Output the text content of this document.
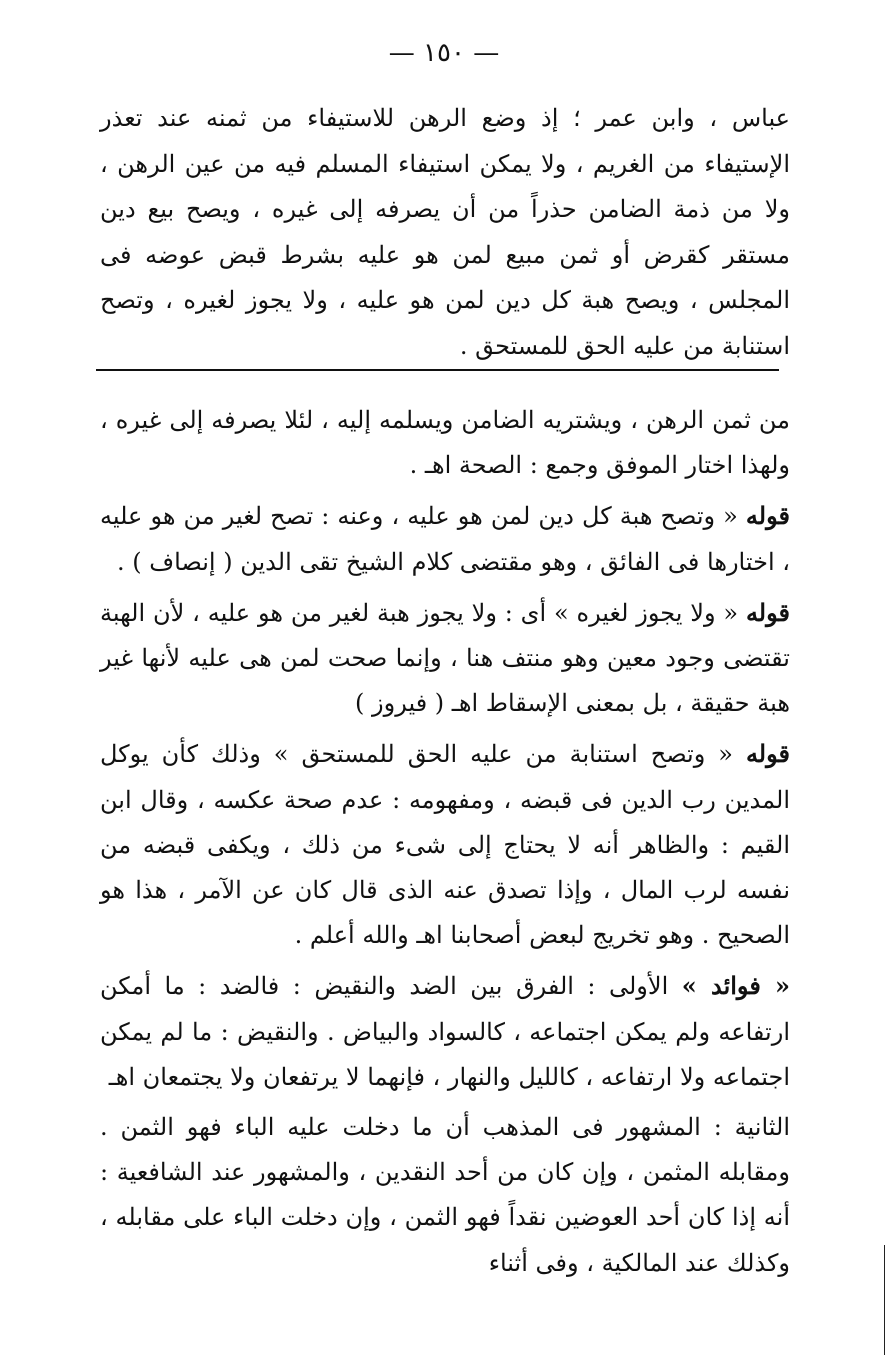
— ١٥٠ —
عباس ، وابن عمر ؛ إذ وضع الرهن للاستيفاء من ثمنه عند تعذر الإستيفاء من الغريم ، ولا يمكن استيفاء المسلم فيه من عين الرهن ، ولا من ذمة الضامن حذراً من أن يصرفه إلى غيره ، ويصح بيع دين مستقر كقرض أو ثمن مبيع لمن هو عليه بشرط قبض عوضه فى المجلس ، ويصح هبة كل دين لمن هو عليه ، ولا يجوز لغيره ، وتصح استنابة من عليه الحق للمستحق .

من ثمن الرهن ، ويشتريه الضامن ويسلمه إليه ، لئلا يصرفه إلى غيره ، ولهذا اختار الموفق وجمع : الصحة اهـ .

قوله « وتصح هبة كل دين لمن هو عليه ، وعنه : تصح لغير من هو عليه ، اختارها فى الفائق ، وهو مقتضى كلام الشيخ تقى الدين ( إنصاف ) .

قوله « ولا يجوز لغيره » أى : ولا يجوز هبة لغير من هو عليه ، لأن الهبة تقتضى وجود معين وهو منتف هنا ، وإنما صحت لمن هى عليه لأنها غير هبة حقيقة ، بل بمعنى الإسقاط اهـ ( فيروز )

قوله « وتصح استنابة من عليه الحق للمستحق » وذلك كأن يوكل المدين رب الدين فى قبضه ، ومفهومه : عدم صحة عكسه ، وقال ابن القيم : والظاهر أنه لا يحتاج إلى شىء من ذلك ، ويكفى قبضه من نفسه لرب المال ، وإذا تصدق عنه الذى قال كان عن الآمر ، هذا هو الصحيح . وهو تخريج لبعض أصحابنا اهـ والله أعلم .

« فوائد » الأولى : الفرق بين الضد والنقيض : فالضد : ما أمكن ارتفاعه ولم يمكن اجتماعه ، كالسواد والبياض . والنقيض : ما لم يمكن اجتماعه ولا ارتفاعه ، كالليل والنهار ، فإنهما لا يرتفعان ولا يجتمعان اهـ

الثانية : المشهور فى المذهب أن ما دخلت عليه الباء فهو الثمن . ومقابله المثمن ، وإن كان من أحد النقدين ، والمشهور عند الشافعية : أنه إذا كان أحد العوضين نقداً فهو الثمن ، وإن دخلت الباء على مقابله ، وكذلك عند المالكية ، وفى أثناء
